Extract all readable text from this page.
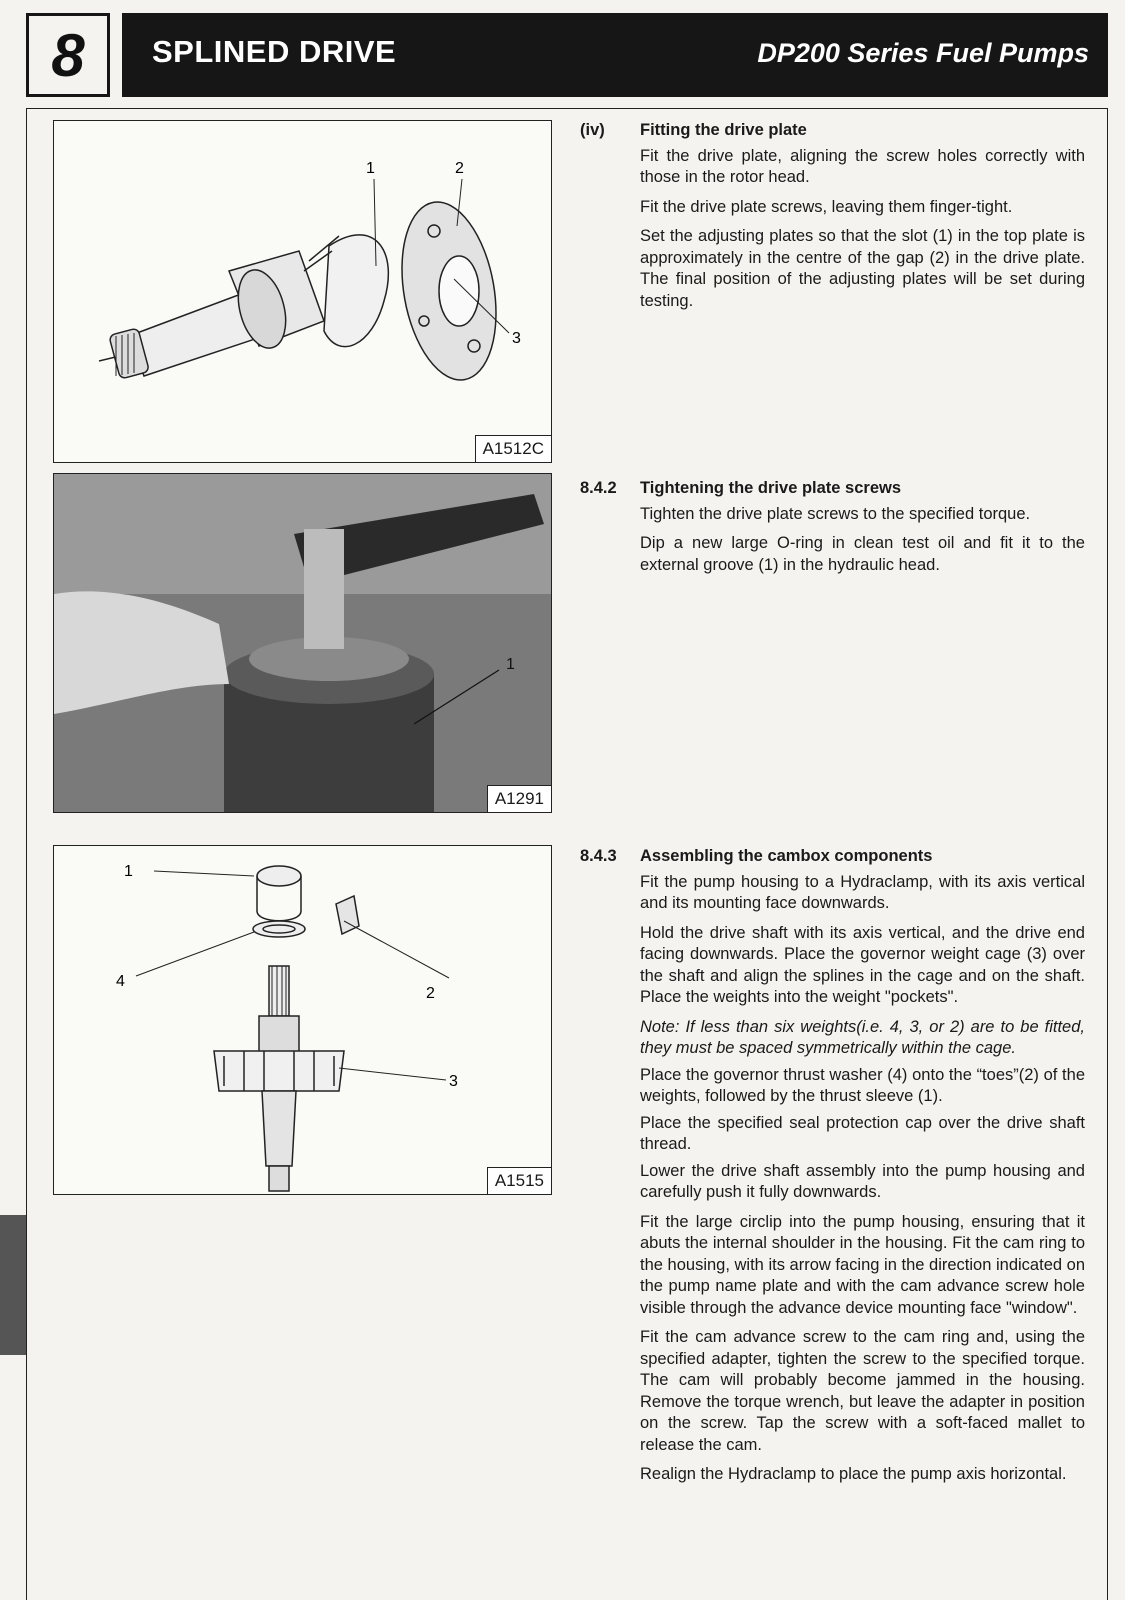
8 SPLINED DRIVE	DP200 Series Fuel Pumps
1	2
3
A1512C
1
A1291
1
2
3
4
A1515
(iv)	Fitting the drive plate

Fit the drive plate, aligning the screw holes correctly with those in the rotor head.

Fit the drive plate screws, leaving them finger-tight.

Set the adjusting plates so that the slot (1) in the top plate is approximately in the centre of the gap (2) in the drive plate. The final position of the adjusting plates will be set during testing.

8.4.2	Tightening the drive plate screws

Tighten the drive plate screws to the specified torque.

Dip a new large O-ring in clean test oil and fit it to the external groove (1) in the hydraulic head.

8.4.3	Assembling the cambox components

Fit the pump housing to a Hydraclamp, with its axis vertical and its mounting face downwards.

Hold the drive shaft with its axis vertical, and the drive end facing downwards. Place the governor weight cage (3) over the shaft and align the splines in the cage and on the shaft. Place the weights into the weight "pockets".

Note: If less than six weights(i.e. 4, 3, or 2) are to be fitted, they must be spaced symmetrically within the cage.

Place the governor thrust washer (4) onto the “toes”(2) of the weights, followed by the thrust sleeve (1).

Place the specified seal protection cap over the drive shaft thread.

Lower the drive shaft assembly into the pump housing and carefully push it fully downwards.

Fit the large circlip into the pump housing, ensuring that it abuts the internal shoulder in the housing. Fit the cam ring to the housing, with its arrow facing in the direction indicated on the pump name plate and with the cam advance screw hole visible through the advance device mounting face "window".

Fit the cam advance screw to the cam ring and, using the specified adapter, tighten the screw to the specified torque. The cam will probably become jammed in the housing. Remove the torque wrench, but leave the adapter in position on the screw. Tap the screw with a soft-faced mallet to release the cam.

Realign the Hydraclamp to place the pump axis horizontal.
